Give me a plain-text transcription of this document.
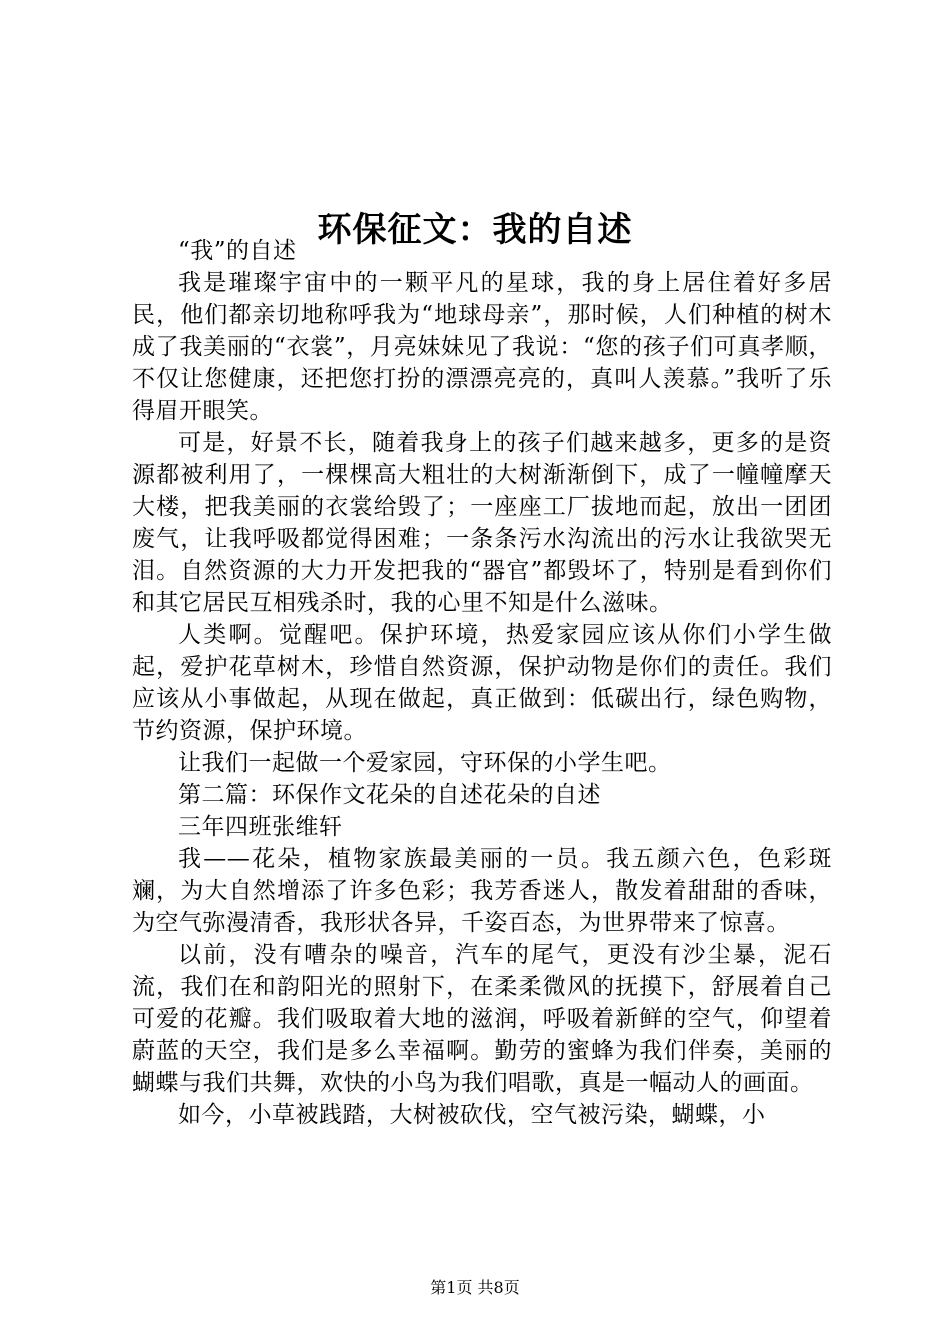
环保征文：我的自述

“我”的自述

我是璀璨宇宙中的一颗平凡的星球，我的身上居住着好多居民，他们都亲切地称呼我为“地球母亲”，那时候，人们种植的树木成了我美丽的“衣裳”，月亮妹妹见了我说：“您的孩子们可真孝顺，不仅让您健康，还把您打扮的漂漂亮亮的，真叫人羡慕。”我听了乐得眉开眼笑。

可是，好景不长，随着我身上的孩子们越来越多，更多的是资源都被利用了，一棵棵高大粗壮的大树渐渐倒下，成了一幢幢摩天大楼，把我美丽的衣裳给毁了；一座座工厂拔地而起，放出一团团废气，让我呼吸都觉得困难；一条条污水沟流出的污水让我欲哭无泪。自然资源的大力开发把我的“器官”都毁坏了，特别是看到你们和其它居民互相残杀时，我的心里不知是什么滋味。

人类啊。觉醒吧。保护环境，热爱家园应该从你们小学生做起，爱护花草树木，珍惜自然资源，保护动物是你们的责任。我们应该从小事做起，从现在做起，真正做到：低碳出行，绿色购物，节约资源，保护环境。

让我们一起做一个爱家园，守环保的小学生吧。

第二篇：环保作文花朵的自述花朵的自述

三年四班张维轩

我——花朵，植物家族最美丽的一员。我五颜六色，色彩斑斓，为大自然增添了许多色彩；我芳香迷人，散发着甜甜的香味，为空气弥漫清香，我形状各异，千姿百态，为世界带来了惊喜。

以前，没有嘈杂的噪音，汽车的尾气，更没有沙尘暴，泥石流，我们在和韵阳光的照射下，在柔柔微风的抚摸下，舒展着自己可爱的花瓣。我们吸取着大地的滋润，呼吸着新鲜的空气，仰望着蔚蓝的天空，我们是多么幸福啊。勤劳的蜜蜂为我们伴奏，美丽的蝴蝶与我们共舞，欢快的小鸟为我们唱歌，真是一幅动人的画面。

如今，小草被践踏，大树被砍伐，空气被污染，蝴蝶，小

第1页 共8页
